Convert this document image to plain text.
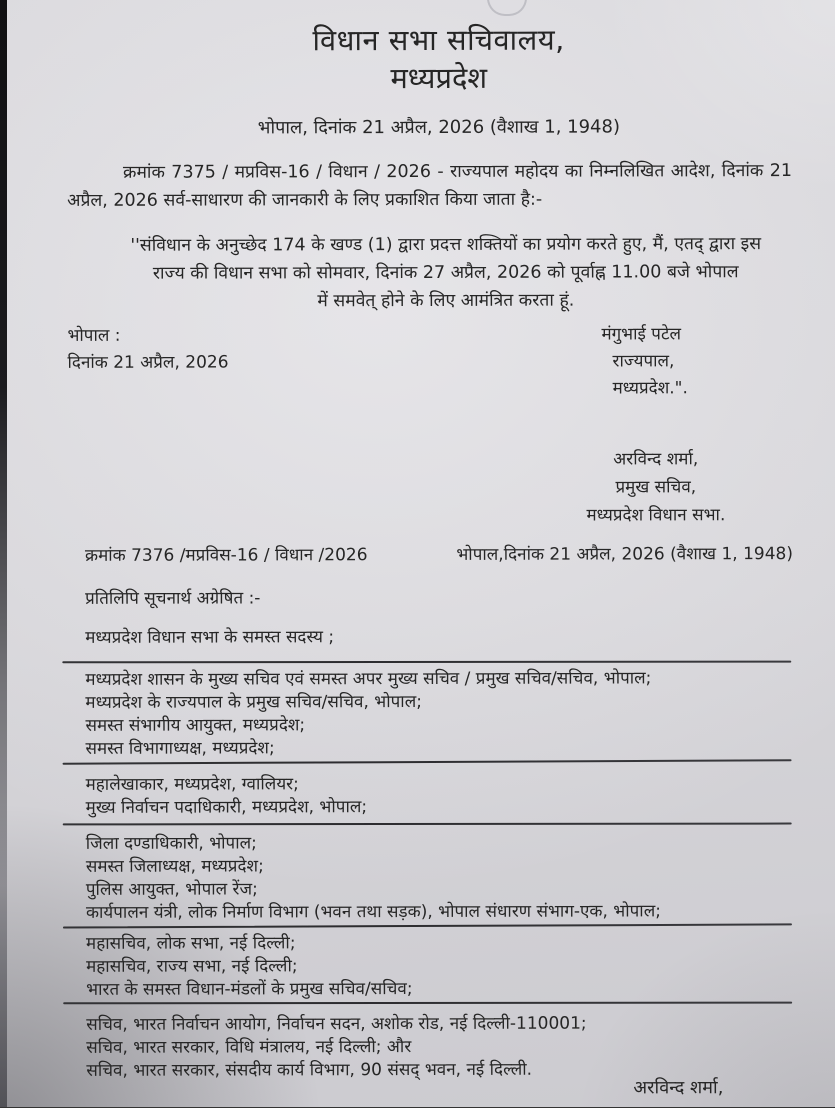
विधान सभा सचिवालय,
मध्यप्रदेश
भोपाल, दिनांक 21 अप्रैल, 2026 (वैशाख 1, 1948)

क्रमांक 7375 / मप्रविस-16 / विधान / 2026 - राज्यपाल महोदय का निम्नलिखित आदेश, दिनांक 21 अप्रैल, 2026 सर्व-साधारण की जानकारी के लिए प्रकाशित किया जाता है:-

''संविधान के अनुच्छेद 174 के खण्ड (1) द्वारा प्रदत्त शक्तियों का प्रयोग करते हुए, मैं, एतद् द्वारा इस
राज्य की विधान सभा को सोमवार, दिनांक 27 अप्रैल, 2026 को पूर्वाह्न 11.00 बजे भोपाल
में समवेत् होने के लिए आमंत्रित करता हूं.
भोपाल :
दिनांक 21 अप्रैल, 2026
मंगुभाई पटेल
राज्यपाल,
मध्यप्रदेश.".
अरविन्द शर्मा,
प्रमुख सचिव,
मध्यप्रदेश विधान सभा.
क्रमांक 7376 /मप्रविस-16 / विधान /2026	भोपाल,दिनांक 21 अप्रैल, 2026 (वैशाख 1, 1948)
प्रतिलिपि सूचनार्थ अग्रेषित :-
मध्यप्रदेश विधान सभा के समस्त सदस्य ;
मध्यप्रदेश शासन के मुख्य सचिव एवं समस्त अपर मुख्य सचिव / प्रमुख सचिव/सचिव, भोपाल;
मध्यप्रदेश के राज्यपाल के प्रमुख सचिव/सचिव, भोपाल;
समस्त संभागीय आयुक्त, मध्यप्रदेश;
समस्त विभागाध्यक्ष, मध्यप्रदेश;
महालेखाकार, मध्यप्रदेश, ग्वालियर;
मुख्य निर्वाचन पदाधिकारी, मध्यप्रदेश, भोपाल;
जिला दण्डाधिकारी, भोपाल;
समस्त जिलाध्यक्ष, मध्यप्रदेश;
पुलिस आयुक्त, भोपाल रेंज;
कार्यपालन यंत्री, लोक निर्माण विभाग (भवन तथा सड़क), भोपाल संधारण संभाग-एक, भोपाल;
महासचिव, लोक सभा, नई दिल्ली;
महासचिव, राज्य सभा, नई दिल्ली;
भारत के समस्त विधान-मंडलों के प्रमुख सचिव/सचिव;
सचिव, भारत निर्वाचन आयोग, निर्वाचन सदन, अशोक रोड, नई दिल्ली-110001;
सचिव, भारत सरकार, विधि मंत्रालय, नई दिल्ली; और
सचिव, भारत सरकार, संसदीय कार्य विभाग, 90 संसद् भवन, नई दिल्ली.
अरविन्द शर्मा,
